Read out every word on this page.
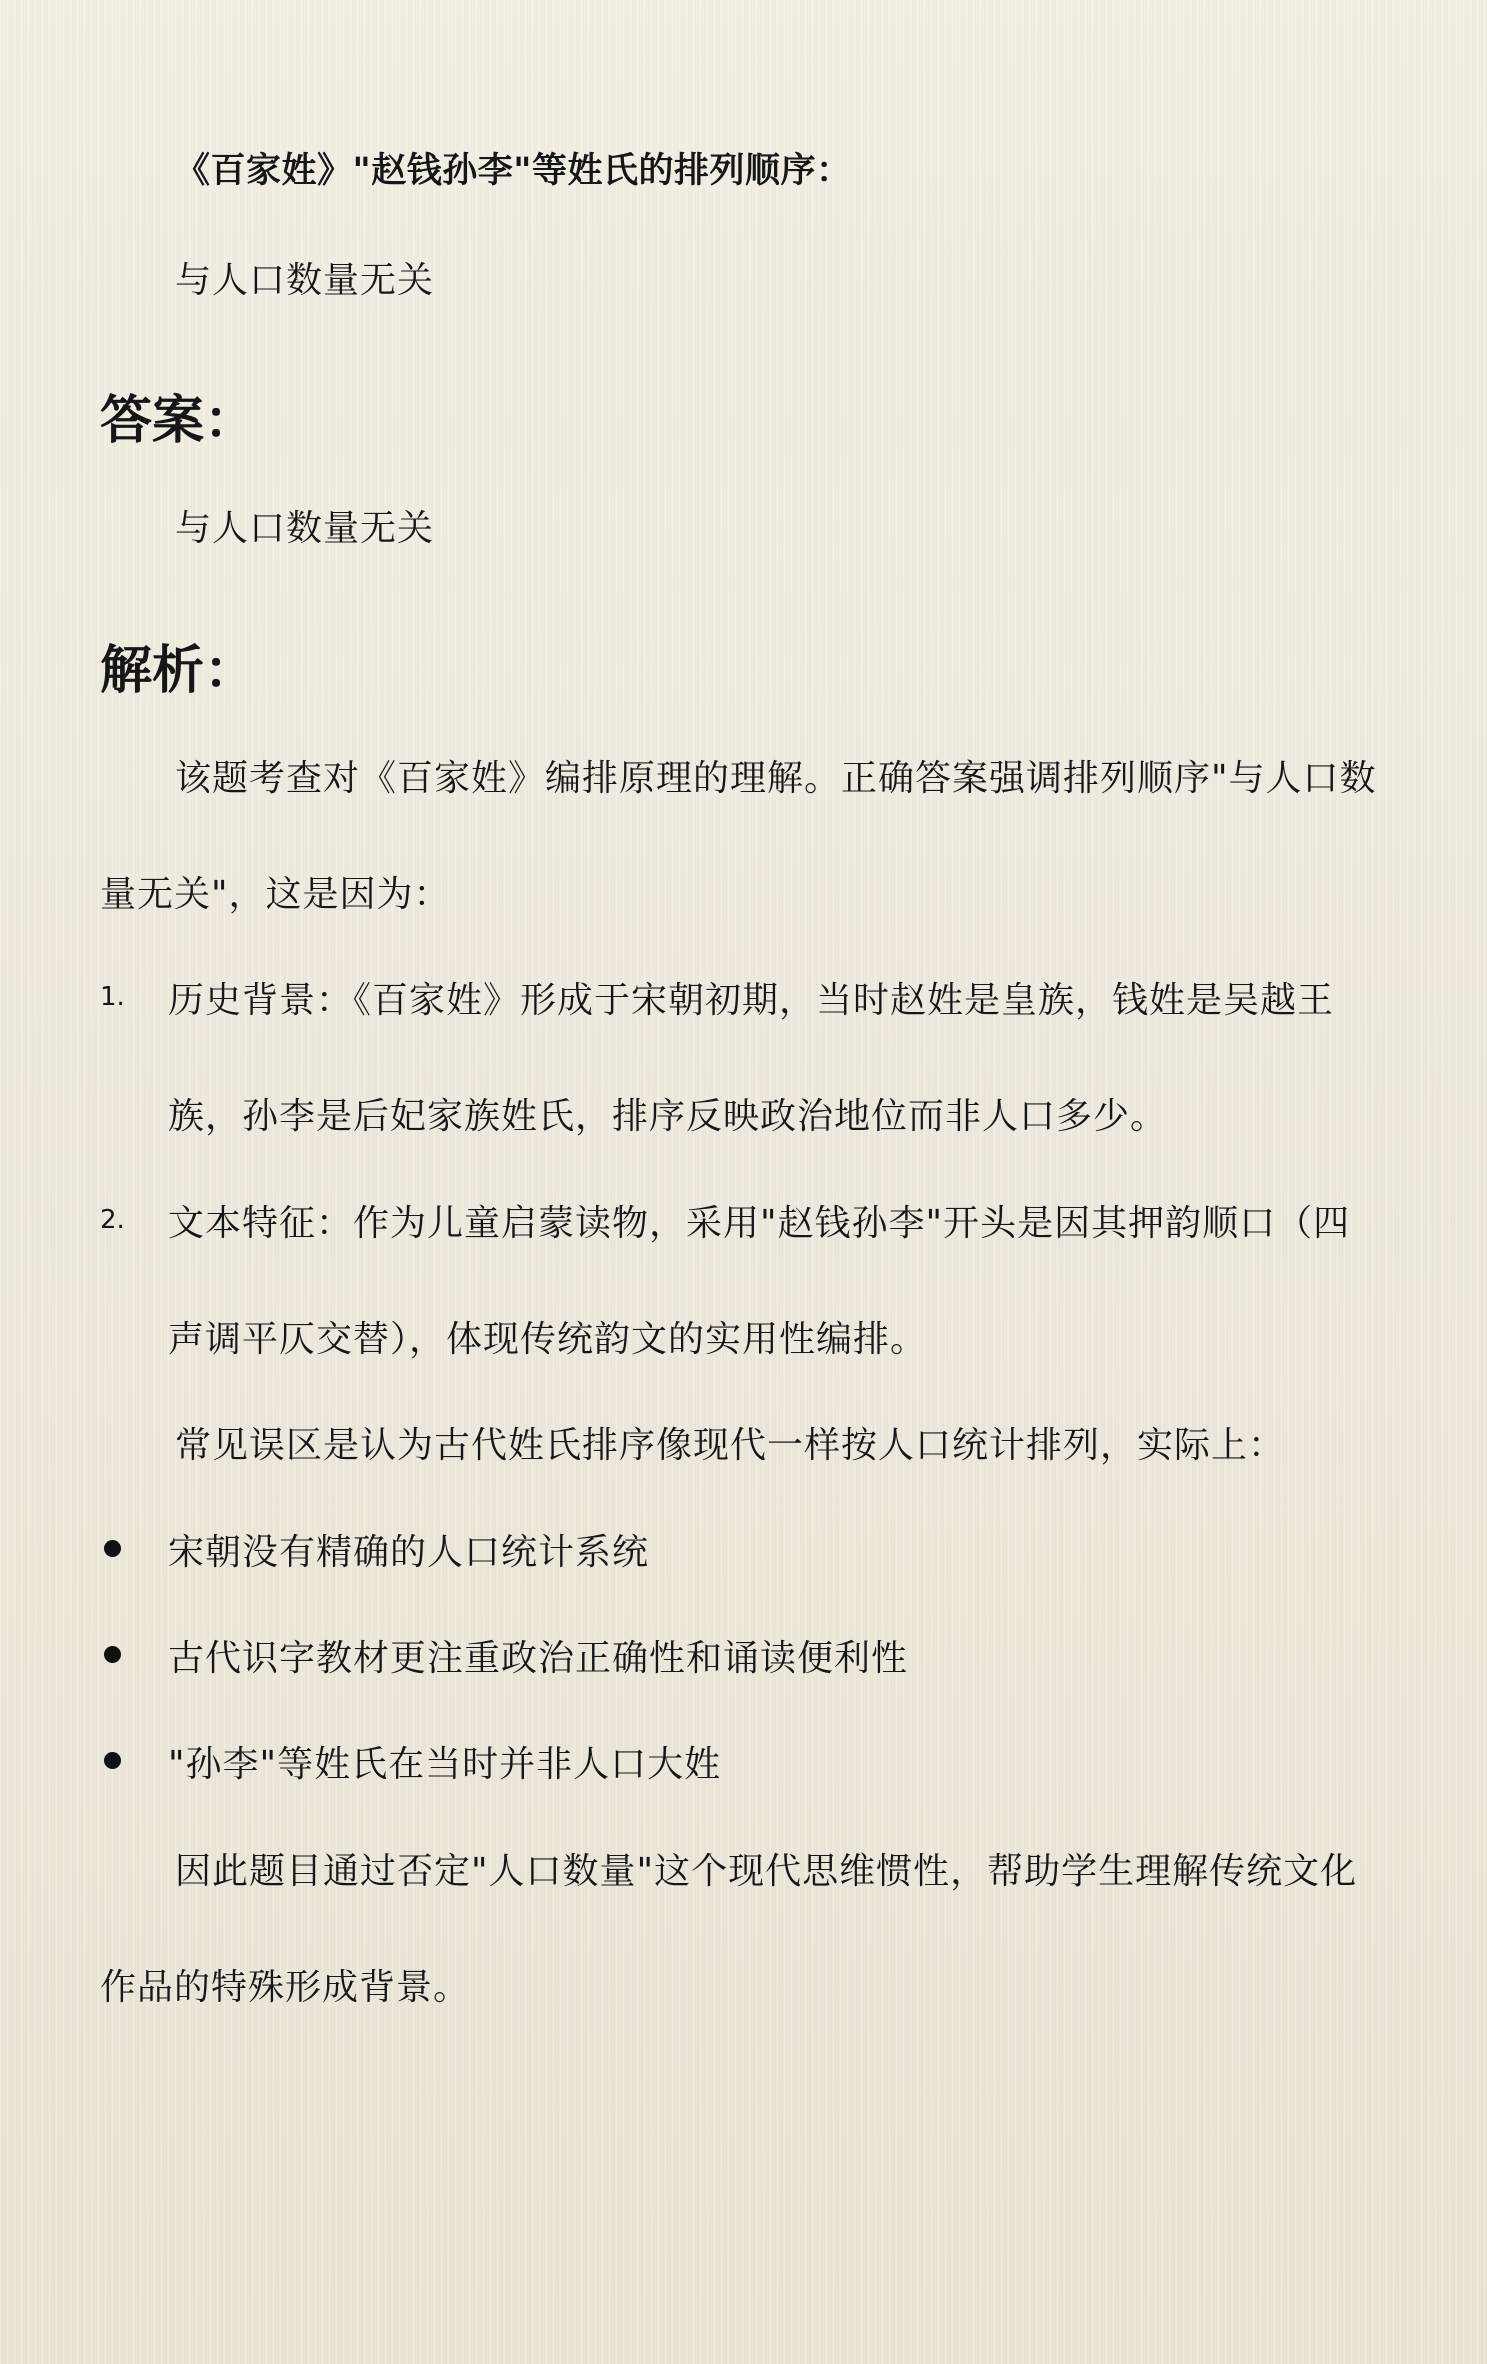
《百家姓》"赵钱孙李"等姓氏的排列顺序：
与人口数量无关
答案：
与人口数量无关
解析：
该题考查对《百家姓》编排原理的理解。正确答案强调排列顺序"与人口数
量无关"，这是因为：
1. 历史背景：《百家姓》形成于宋朝初期，当时赵姓是皇族，钱姓是吴越王
族，孙李是后妃家族姓氏，排序反映政治地位而非人口多少。
2. 文本特征：作为儿童启蒙读物，采用"赵钱孙李"开头是因其押韵顺口（四
声调平仄交替），体现传统韵文的实用性编排。
常见误区是认为古代姓氏排序像现代一样按人口统计排列，实际上：
宋朝没有精确的人口统计系统
古代识字教材更注重政治正确性和诵读便利性
"孙李"等姓氏在当时并非人口大姓
因此题目通过否定"人口数量"这个现代思维惯性，帮助学生理解传统文化
作品的特殊形成背景。
